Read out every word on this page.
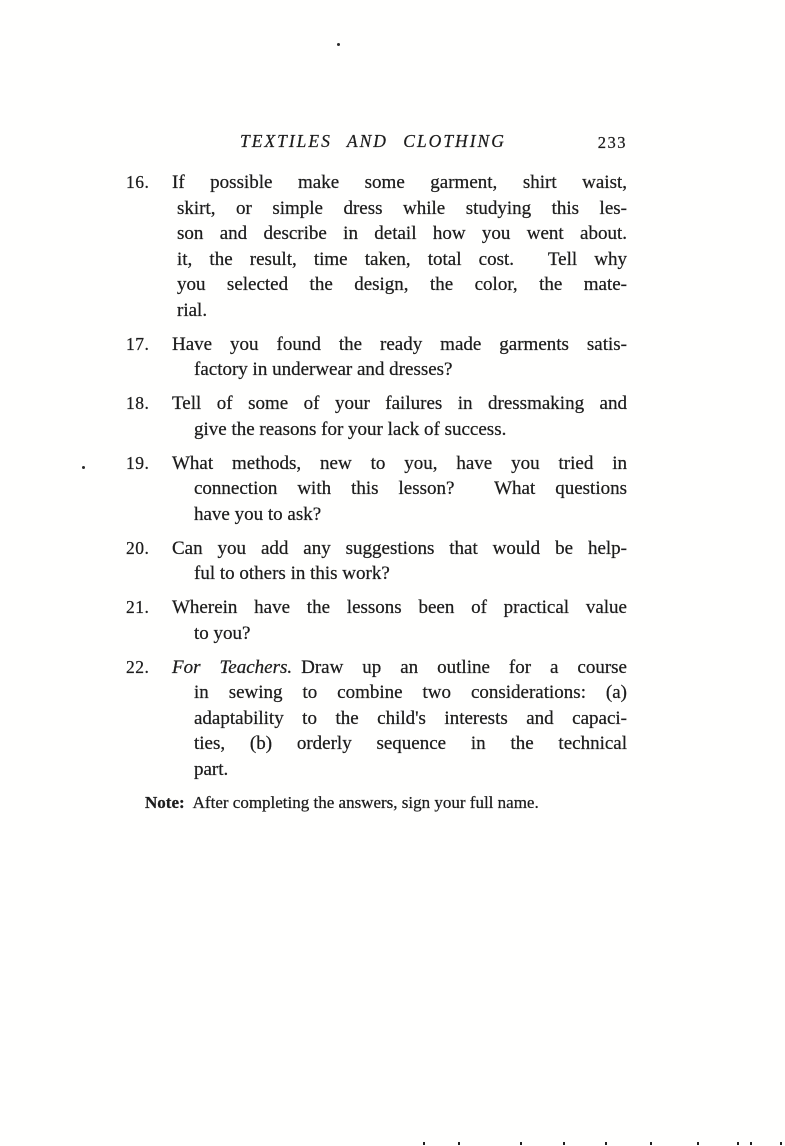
TEXTILES AND CLOTHING	233
16.	If possible make some garment, shirt waist,
skirt, or simple dress while studying this les-
son and describe in detail how you went about.
it, the result, time taken, total cost.  Tell why
you selected the design, the color, the mate-
rial.
17.	Have you found the ready made garments satis-
factory in underwear and dresses?
18.	Tell of some of your failures in dressmaking and
give the reasons for your lack of success.
19.	What methods, new to you, have you tried in
connection with this lesson?  What questions
have you to ask?
20.	Can you add any suggestions that would be help-
ful to others in this work?
21.	Wherein have the lessons been of practical value
to you?
22.	For Teachers. Draw up an outline for a course
in sewing to combine two considerations: (a)
adaptability to the child's interests and capaci-
ties, (b) orderly sequence in the technical
part.
Note: After completing the answers, sign your full name.
